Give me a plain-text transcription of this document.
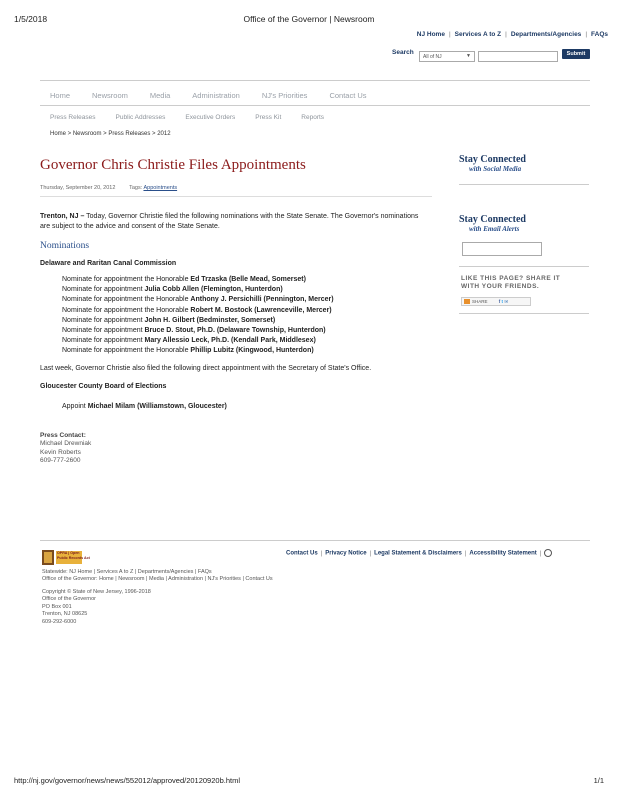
1/5/2018	Office of the Governor | Newsroom
NJ Home | Services A to Z | Departments/Agencies | FAQs
Search
All of NJ	▼	Submit
Home	Newsroom	Media	Administration	NJ's Priorities	Contact Us
Press Releases	Public Addresses	Executive Orders	Press Kit	Reports
Home > Newsroom > Press Releases > 2012
Governor Chris Christie Files Appointments
Thursday, September 20, 2012 Tags: Appointments

Trenton, NJ – Today, Governor Christie filed the following nominations with the State Senate. The Governor's nominations are subject to the advice and consent of the State Senate.

Nominations
Delaware and Raritan Canal Commission
Nominate for appointment the Honorable Ed Trzaska (Belle Mead, Somerset)
Nominate for appointment Julia Cobb Allen (Flemington, Hunterdon)
Nominate for appointment the Honorable Anthony J. Persichilli (Pennington, Mercer)
Nominate for appointment the Honorable Robert M. Bostock (Lawrenceville, Mercer)
Nominate for appointment John H. Gilbert (Bedminster, Somerset)
Nominate for appointment Bruce D. Stout, Ph.D. (Delaware Township, Hunterdon)
Nominate for appointment Mary Allessio Leck, Ph.D. (Kendall Park, Middlesex)
Nominate for appointment the Honorable Phillip Lubitz (Kingwood, Hunterdon)

Last week, Governor Christie also filed the following direct appointment with the Secretary of State's Office.

Gloucester County Board of Elections
Appoint Michael Milam (Williamstown, Gloucester)
Press Contact:
Michael Drewniak
Kevin Roberts
609-777-2600
Stay Connected
with Social Media
Stay Connected
with Email Alerts
LIKE THIS PAGE? SHARE IT
WITH YOUR FRIENDS.
SHARE	f t ✉
OPRA | Open
Public Records Act
Contact Us | Privacy Notice | Legal Statement & Disclaimers | Accessibility Statement |
Statewide: NJ Home | Services A to Z | Departments/Agencies | FAQs
Office of the Governor: Home | Newsroom | Media | Administration | NJ's Priorities | Contact Us
Copyright © State of New Jersey, 1996-2018
Office of the Governor
PO Box 001
Trenton, NJ 08625
609-292-6000
http://nj.gov/governor/news/news/552012/approved/20120920b.html	1/1
